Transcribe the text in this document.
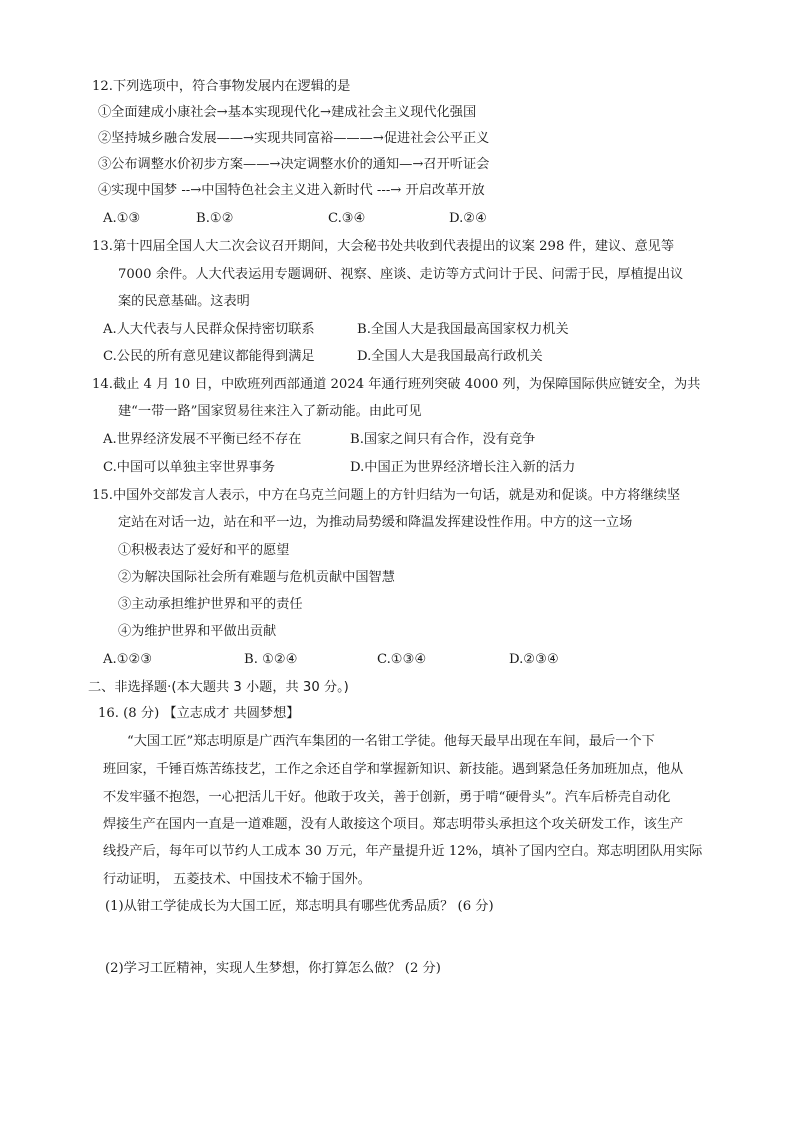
12.下列选项中，符合事物发展内在逻辑的是
①全面建成小康社会→基本实现现代化→建成社会主义现代化强国
②坚持城乡融合发展——→实现共同富裕———→促进社会公平正义
③公布调整水价初步方案——→决定调整水价的通知—→召开听证会
④实现中国梦 --→中国特色社会主义进入新时代 ---→ 开启改革开放
A.①③	B.①②	C.③④	D.②④
13.第十四届全国人大二次会议召开期间，大会秘书处共收到代表提出的议案 298 件，建议、意见等
7000 余件。人大代表运用专题调研、视察、座谈、走访等方式问计于民、问需于民，厚植提出议
案的民意基础。这表明
A.人大代表与人民群众保持密切联系	B.全国人大是我国最高国家权力机关
C.公民的所有意见建议都能得到满足	D.全国人大是我国最高行政机关
14.截止 4 月 10 日，中欧班列西部通道 2024 年通行班列突破 4000 列，为保障国际供应链安全，为共
建“一带一路”国家贸易往来注入了新动能。由此可见
A.世界经济发展不平衡已经不存在	B.国家之间只有合作，没有竞争
C.中国可以单独主宰世界事务	D.中国正为世界经济增长注入新的活力
15.中国外交部发言人表示，中方在乌克兰问题上的方针归结为一句话，就是劝和促谈。中方将继续坚
定站在对话一边，站在和平一边，为推动局势缓和降温发挥建设性作用。中方的这一立场
①积极表达了爱好和平的愿望
②为解决国际社会所有难题与危机贡献中国智慧
③主动承担维护世界和平的责任
④为维护世界和平做出贡献
A.①②③	B. ①②④	C.①③④	D.②③④
二、非选择题·(本大题共 3 小题，共 30 分。)
16. (8 分) 【立志成才 共圆梦想】
“大国工匠”郑志明原是广西汽车集团的一名钳工学徒。他每天最早出现在车间，最后一个下
班回家，千锤百炼苦练技艺，工作之余还自学和掌握新知识、新技能。遇到紧急任务加班加点，他从
不发牢骚不抱怨，一心把活儿干好。他敢于攻关，善于创新，勇于啃“硬骨头”。汽车后桥壳自动化
焊接生产在国内一直是一道难题，没有人敢接这个项目。郑志明带头承担这个攻关研发工作，该生产
线投产后，每年可以节约人工成本 30 万元，年产量提升近 12%，填补了国内空白。郑志明团队用实际
行动证明， 五菱技术、中国技术不输于国外。
(1)从钳工学徒成长为大国工匠，郑志明具有哪些优秀品质？ (6 分)
(2)学习工匠精神，实现人生梦想，你打算怎么做？ (2 分)
